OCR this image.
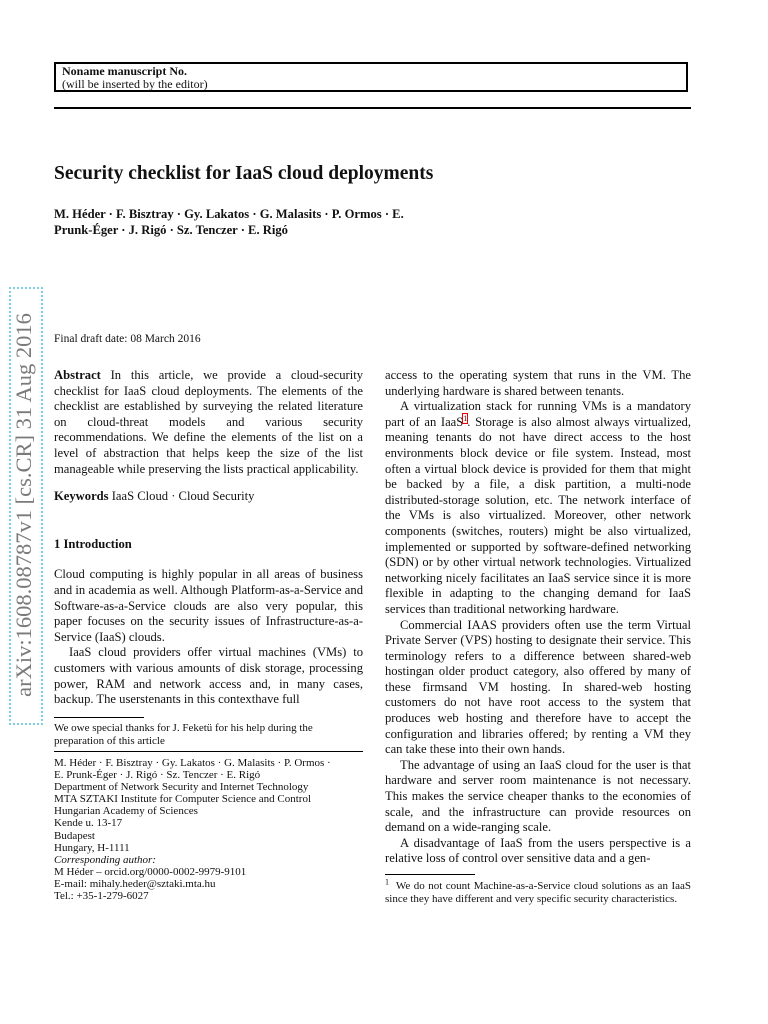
Noname manuscript No.
(will be inserted by the editor)
Security checklist for IaaS cloud deployments
M. Héder · F. Bisztray · Gy. Lakatos · G. Malasits · P. Ormos · E.
Prunk-Éger · J. Rigó · Sz. Tenczer · E. Rigó
arXiv:1608.08787v1 [cs.CR] 31 Aug 2016	Final draft date: 08 March 2016

Abstract In this article, we provide a cloud-security checklist for IaaS cloud deployments. The elements of the checklist are established by surveying the related literature on cloud-threat models and various security recommendations. We define the elements of the list on a level of abstraction that helps keep the size of the list manageable while preserving the lists practical applicability.

Keywords IaaS Cloud · Cloud Security

1 Introduction

Cloud computing is highly popular in all areas of business and in academia as well. Although Platform-as-a-Service and Software-as-a-Service clouds are also very popular, this paper focuses on the security issues of Infrastructure-as-a-Service (IaaS) clouds.

IaaS cloud providers offer virtual machines (VMs) to customers with various amounts of disk storage, processing power, RAM and network access and, in many cases, backup. The userstenants in this contexthave full

We owe special thanks for J. Feketü for his help during the preparation of this article
M. Héder · F. Bisztray · Gy. Lakatos · G. Malasits · P. Ormos ·
E. Prunk-Éger · J. Rigó · Sz. Tenczer · E. Rigó
Department of Network Security and Internet Technology
MTA SZTAKI Institute for Computer Science and Control
Hungarian Academy of Sciences
Kende u. 13-17
Budapest
Hungary, H-1111
Corresponding author:
M Héder – orcid.org/0000-0002-9979-9101
E-mail: mihaly.heder@sztaki.mta.hu
Tel.: +35-1-279-6027

access to the operating system that runs in the VM. The underlying hardware is shared between tenants.

A virtualization stack for running VMs is a mandatory part of an IaaS$^1$. Storage is also almost always virtualized, meaning tenants do not have direct access to the host environments block device or file system. Instead, most often a virtual block device is provided for them that might be backed by a file, a disk partition, a multi-node distributed-storage solution, etc. The network interface of the VMs is also virtualized. Moreover, other network components (switches, routers) might be also virtualized, implemented or supported by software-defined networking (SDN) or by other virtual network technologies. Virtualized networking nicely facilitates an IaaS service since it is more flexible in adapting to the changing demand for IaaS services than traditional networking hardware.

Commercial IAAS providers often use the term Virtual Private Server (VPS) hosting to designate their service. This terminology refers to a difference between shared-web hostingan older product category, also offered by many of these firmsand VM hosting. In shared-web hosting customers do not have root access to the system that produces web hosting and therefore have to accept the configuration and libraries offered; by renting a VM they can take these into their own hands.

The advantage of using an IaaS cloud for the user is that hardware and server room maintenance is not necessary. This makes the service cheaper thanks to the economies of scale, and the infrastructure can provide resources on demand on a wide-ranging scale.

A disadvantage of IaaS from the users perspective is a relative loss of control over sensitive data and a gen-

$^1$ We do not count Machine-as-a-Service cloud solutions as an IaaS since they have different and very specific security characteristics.
